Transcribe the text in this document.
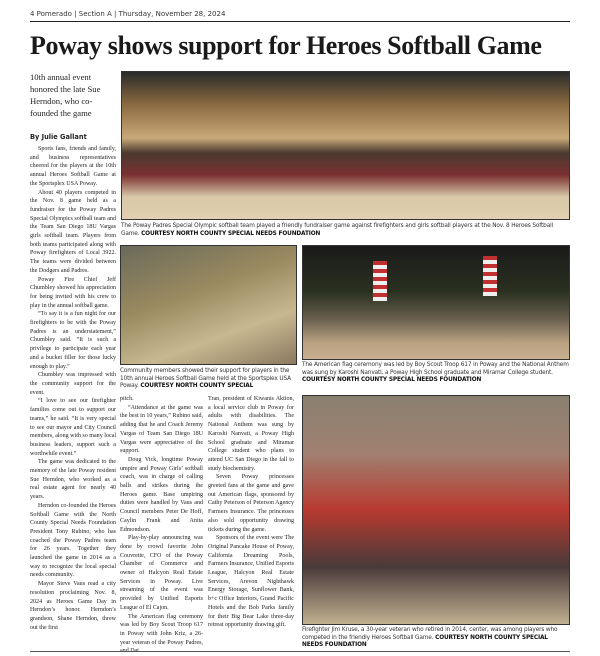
4 Pomerado | Section A | Thursday, November 28, 2024
Poway shows support for Heroes Softball Game
10th annual event honored the late Sue Herndon, who co-founded the game
By Julie Gallant

Sports fans, friends and family, and business representatives cheered for the players at the 10th annual Heroes Softball Game at the Sportsplex USA Poway.

About 40 players competed in the Nov. 8 game held as a fundraiser for the Poway Padres Special Olympics softball team and the Team San Diego 18U Vargas girls softball team. Players from both teams participated along with Poway firefighters of Local 3922. The teams were divided between the Dodgers and Padres.

Poway Fire Chief Jeff Chumbley showed his appreciation for being invited with his crew to play in the annual softball game.

“To say it is a fun night for our firefighters to be with the Poway Padres is an understatement,” Chumbley said. “It is such a privilege to participate each year and a bucket filler for those lucky enough to play.”

Chumbley was impressed with the community support for the event.

“I love to see our firefighter families come out to support our teams,” he said. “It is very special to see our mayor and City Council members, along with so many local business leaders, support such a worthwhile event.”

The game was dedicated to the memory of the late Poway resident Sue Herndon, who worked as a real estate agent for nearly 40 years.

Herndon co-founded the Heroes Softball Game with the North County Special Needs Foundation President Tony Rubino, who has coached the Poway Padres team for 26 years. Together they launched the game in 2014 as a way to recognize the local special needs community.

Mayor Steve Vaus read a city resolution proclaiming Nov. 8, 2024 as Heroes Game Day in Herndon’s honor. Herndon’s grandson, Shane Herndon, threw out the first

pitch.

“Attendance at the game was the best in 10 years,” Rubino said, adding that he and Coach Jeremy Vargas of Team San Diego 18U Vargas were appreciative of the support.

Doug Vick, longtime Poway umpire and Poway Girls’ softball coach, was in charge of calling balls and strikes during the Heroes game. Base umpiring duties were handled by Vaus and Council members Peter De Hoff, Caylin Frank and Anita Edmondson.

Play-by-play announcing was done by crowd favorite John Couvrette, CFO of the Poway Chamber of Commerce and owner of Halcyon Real Estate Services in Poway. Live streaming of the event was provided by Unified Esports League of El Cajon.

The American flag ceremony was led by Boy Scout Troop 617 in Poway with John Kriz, a 26-year veteran of the Poway Padres,

Tran, president of Kiwanis Aktion, a local service club in Poway for adults with disabilities. The National Anthem was sung by Karoshi Nanvati, a Poway High School graduate and Miramar College student who plans to attend UC San Diego in the fall to study biochemistry.

Seven Poway princesses greeted fans at the game and gave out American flags, sponsored by Cathy Peterson of Peterson Agency Farmers Insurance. The princesses also sold opportunity drawing tickets during the game.

Sponsors of the event were The Original Pancake House of Poway, California Dreaming Pools, Farmers Insurance, Unified Esports League, Halcyon Real Estate Services, Arevon Nighthawk Energy Storage, Sunflower Bank, b+c Office Interiors, Grand Pacific Hotels and the Bob Parks family for their Big Bear Lake three-day retreat opportunity drawing gift.

The Poway Padres Special Olympic softball team played a friendly fundraiser game against firefighters and girls softball players at the Nov. 8 Heroes Softball Game. COURTESY NORTH COUNTY SPECIAL NEEDS FOUNDATION
Community members showed their support for players in the 10th annual Heroes Softball Game held at the Sportsplex USA Poway. COURTESY NORTH COUNTY SPECIAL
The American flag ceremony was led by Boy Scout Troop 617 in Poway and the National Anthem was sung by Karoshi Nanvati, a Poway High School graduate and Miramar College student. COURTESY NORTH COUNTY SPECIAL NEEDS FOUNDATION
Firefighter Jim Kruse, a 30-year veteran who retired in 2014, center, was among players who competed in the friendly Heroes Softball Game. COURTESY NORTH COUNTY SPECIAL NEEDS FOUNDATION
